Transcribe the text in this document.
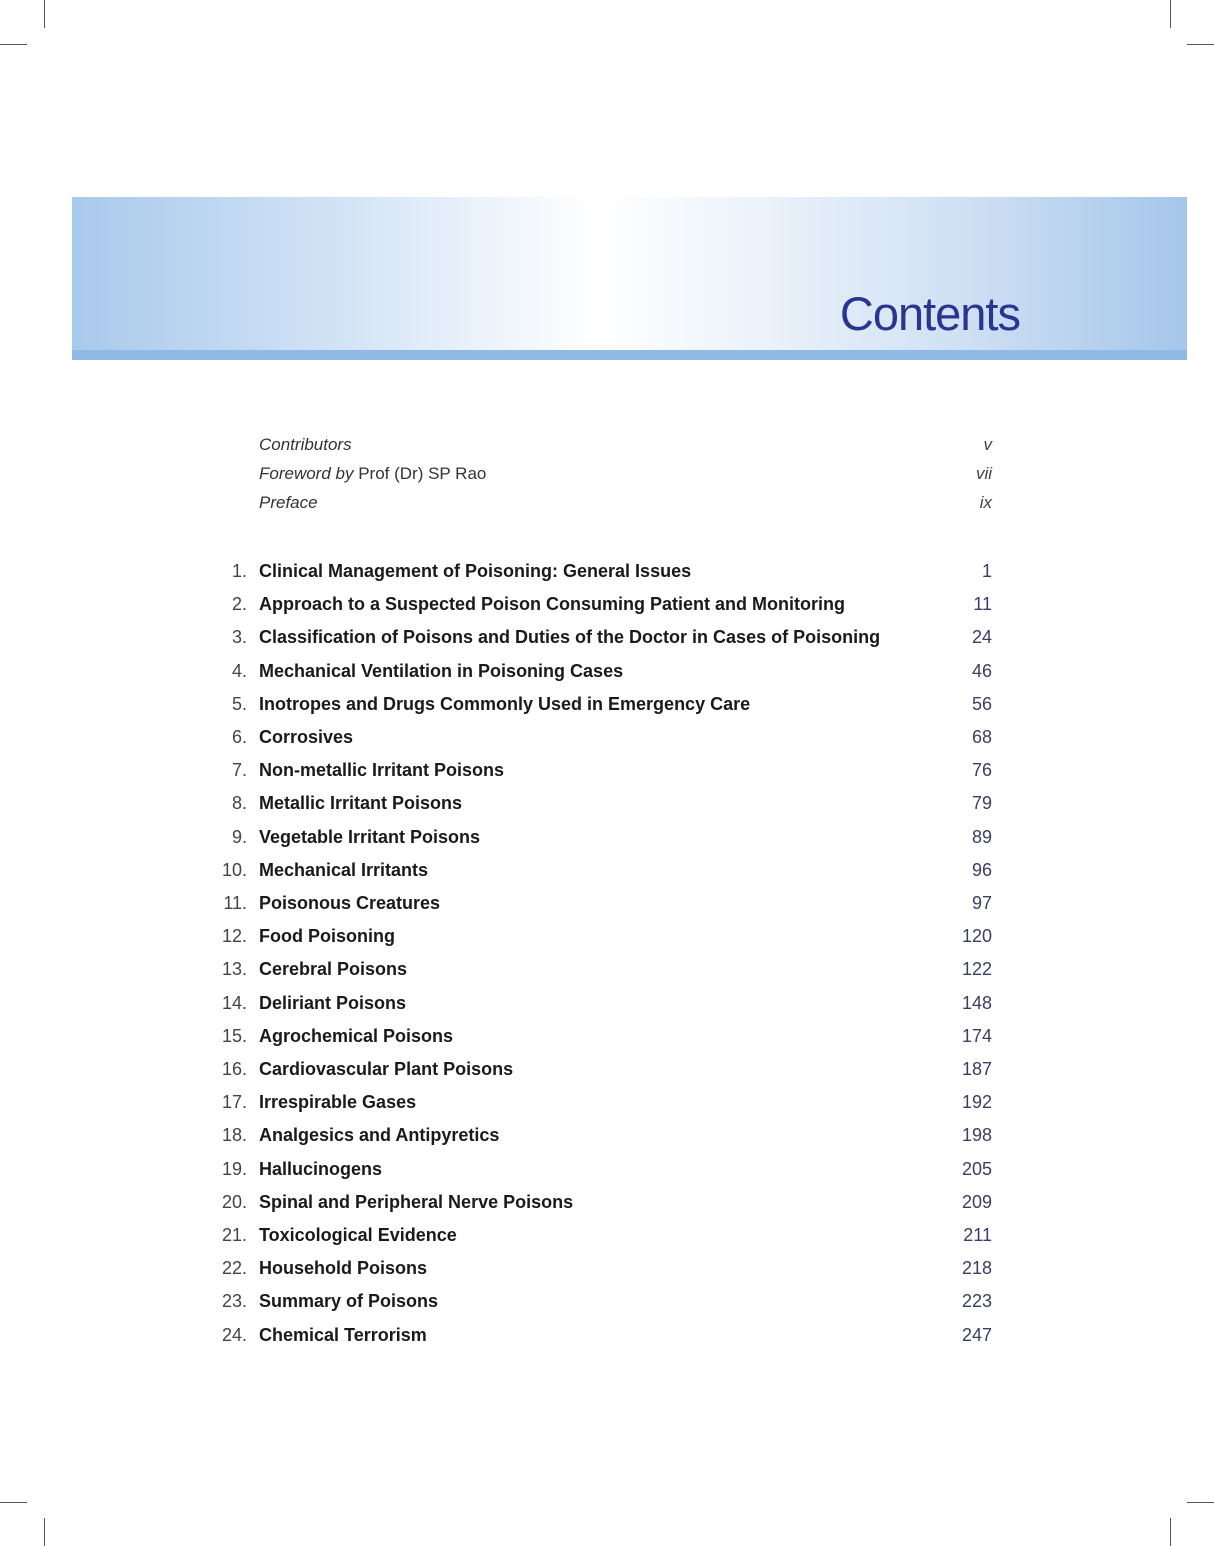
Contents
Contributors	v
Foreword by Prof (Dr) SP Rao	vii
Preface	ix
1. Clinical Management of Poisoning: General Issues	1
2. Approach to a Suspected Poison Consuming Patient and Monitoring	11
3. Classification of Poisons and Duties of the Doctor in Cases of Poisoning	24
4. Mechanical Ventilation in Poisoning Cases	46
5. Inotropes and Drugs Commonly Used in Emergency Care	56
6. Corrosives	68
7. Non-metallic Irritant Poisons	76
8. Metallic Irritant Poisons	79
9. Vegetable Irritant Poisons	89
10. Mechanical Irritants	96
11. Poisonous Creatures	97
12. Food Poisoning	120
13. Cerebral Poisons	122
14. Deliriant Poisons	148
15. Agrochemical Poisons	174
16. Cardiovascular Plant Poisons	187
17. Irrespirable Gases	192
18. Analgesics and Antipyretics	198
19. Hallucinogens	205
20. Spinal and Peripheral Nerve Poisons	209
21. Toxicological Evidence	211
22. Household Poisons	218
23. Summary of Poisons	223
24. Chemical Terrorism	247
